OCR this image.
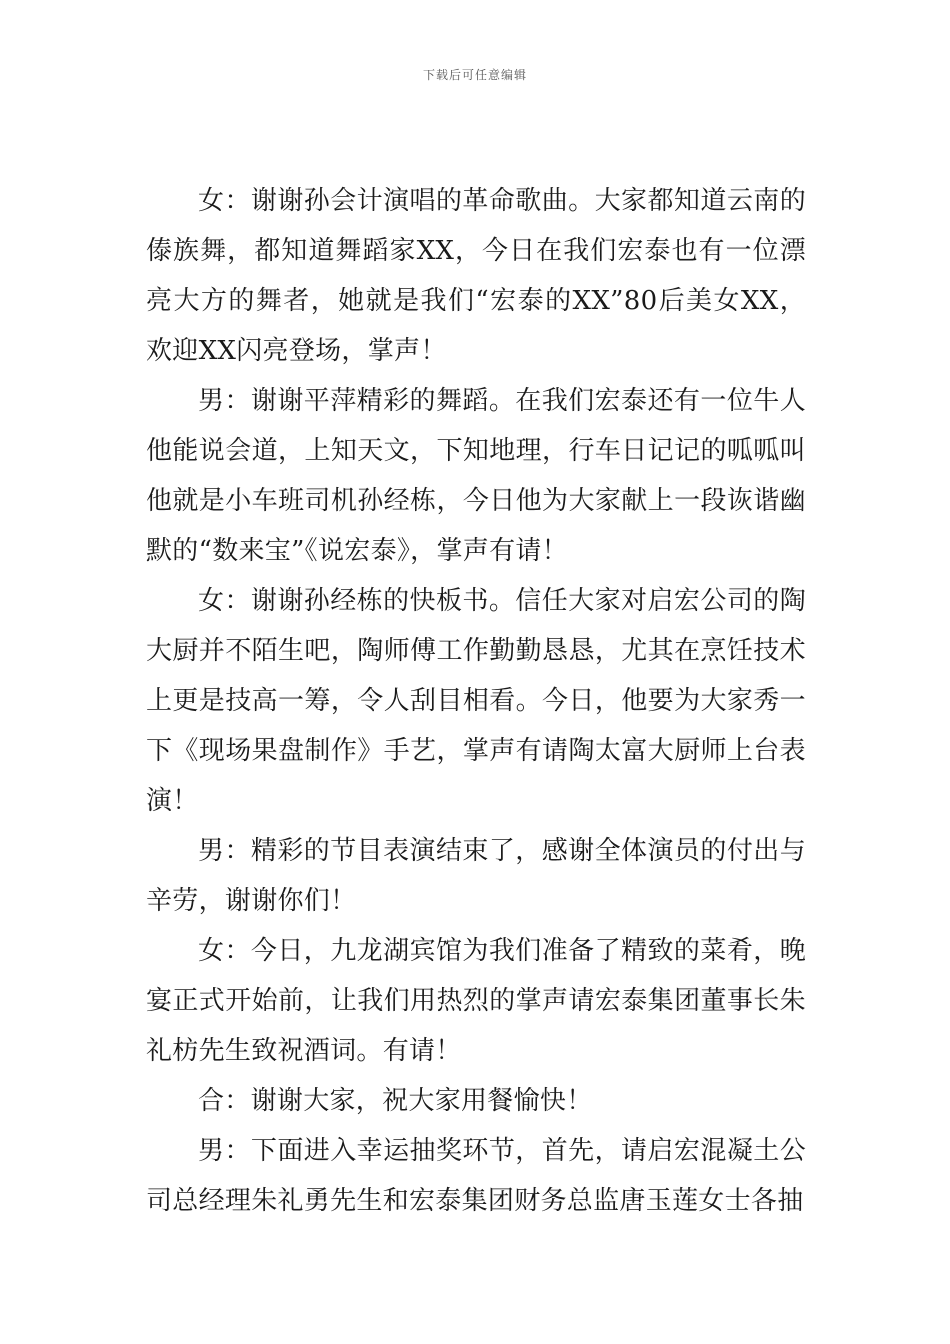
下载后可任意编辑

女：谢谢孙会计演唱的革命歌曲。大家都知道云南的傣族舞，都知道舞蹈家XX，今日在我们宏泰也有一位漂亮大方的舞者，她就是我们“宏泰的XX”80后美女XX，欢迎XX闪亮登场，掌声！

男：谢谢平萍精彩的舞蹈。在我们宏泰还有一位牛人他能说会道，上知天文，下知地理，行车日记记的呱呱叫他就是小车班司机孙经栋，今日他为大家献上一段诙谐幽默的“数来宝”《说宏泰》，掌声有请！

女：谢谢孙经栋的快板书。信任大家对启宏公司的陶大厨并不陌生吧，陶师傅工作勤勤恳恳，尤其在烹饪技术上更是技高一筹，令人刮目相看。今日，他要为大家秀一下《现场果盘制作》手艺，掌声有请陶太富大厨师上台表演！

男：精彩的节目表演结束了，感谢全体演员的付出与辛劳，谢谢你们！

女：今日，九龙湖宾馆为我们准备了精致的菜肴，晚宴正式开始前，让我们用热烈的掌声请宏泰集团董事长朱礼枋先生致祝酒词。有请！

合：谢谢大家，祝大家用餐愉快！

男：下面进入幸运抽奖环节，首先，请启宏混凝土公司总经理朱礼勇先生和宏泰集团财务总监唐玉莲女士各抽
